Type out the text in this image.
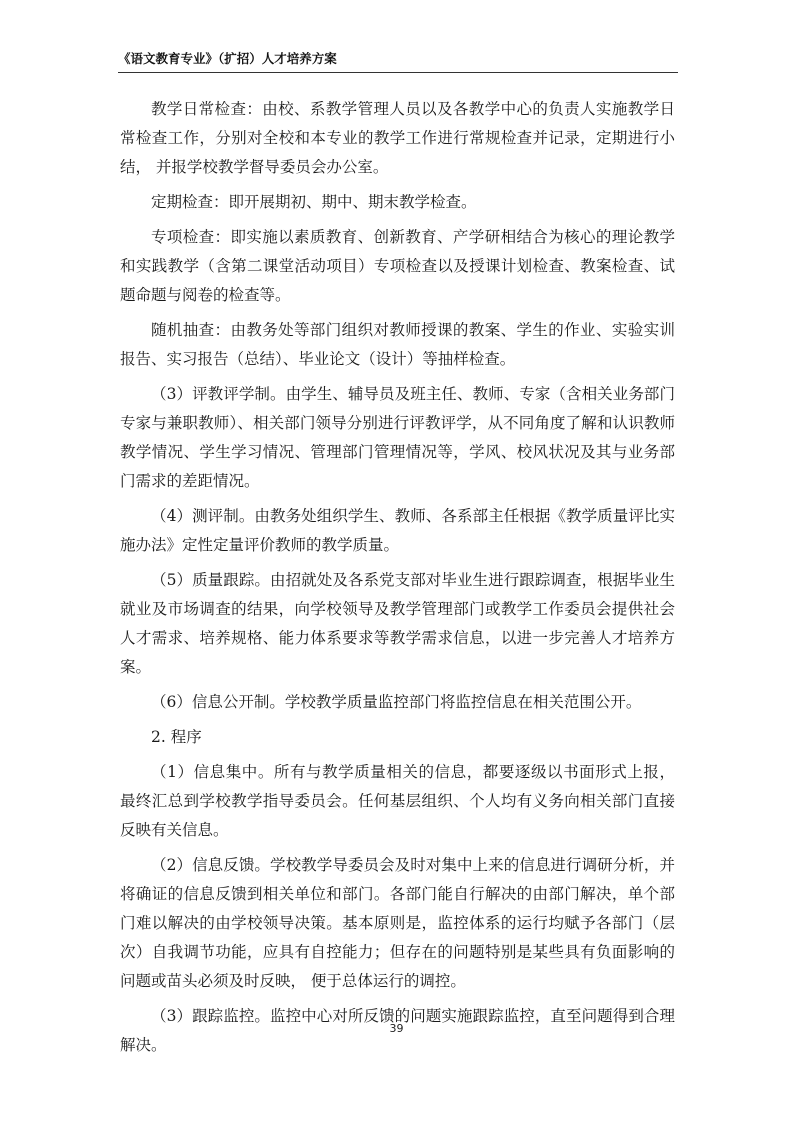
《语文教育专业》（扩招）人才培养方案

教学日常检查：由校、系教学管理人员以及各教学中心的负责人实施教学日常检查工作，分别对全校和本专业的教学工作进行常规检查并记录，定期进行小结， 并报学校教学督导委员会办公室。

定期检查：即开展期初、期中、期末教学检查。

专项检查：即实施以素质教育、创新教育、产学研相结合为核心的理论教学和实践教学（含第二课堂活动项目）专项检查以及授课计划检查、教案检查、试题命题与阅卷的检查等。

随机抽查：由教务处等部门组织对教师授课的教案、学生的作业、实验实训报告、实习报告（总结）、毕业论文（设计）等抽样检查。

（3）评教评学制。由学生、辅导员及班主任、教师、专家（含相关业务部门专家与兼职教师）、相关部门领导分别进行评教评学，从不同角度了解和认识教师教学情况、学生学习情况、管理部门管理情况等，学风、校风状况及其与业务部门需求的差距情况。

（4）测评制。由教务处组织学生、教师、各系部主任根据《教学质量评比实施办法》定性定量评价教师的教学质量。

（5）质量跟踪。由招就处及各系党支部对毕业生进行跟踪调查，根据毕业生就业及市场调查的结果，向学校领导及教学管理部门或教学工作委员会提供社会人才需求、培养规格、能力体系要求等教学需求信息，以进一步完善人才培养方案。

（6）信息公开制。学校教学质量监控部门将监控信息在相关范围公开。

2. 程序

（1）信息集中。所有与教学质量相关的信息，都要逐级以书面形式上报， 最终汇总到学校教学指导委员会。任何基层组织、个人均有义务向相关部门直接反映有关信息。

（2）信息反馈。学校教学导委员会及时对集中上来的信息进行调研分析，并将确证的信息反馈到相关单位和部门。各部门能自行解决的由部门解决，单个部门难以解决的由学校领导决策。基本原则是，监控体系的运行均赋予各部门（层次）自我调节功能，应具有自控能力；但存在的问题特别是某些具有负面影响的问题或苗头必须及时反映， 便于总体运行的调控。

（3）跟踪监控。监控中心对所反馈的问题实施跟踪监控，直至问题得到合理解决。

39
